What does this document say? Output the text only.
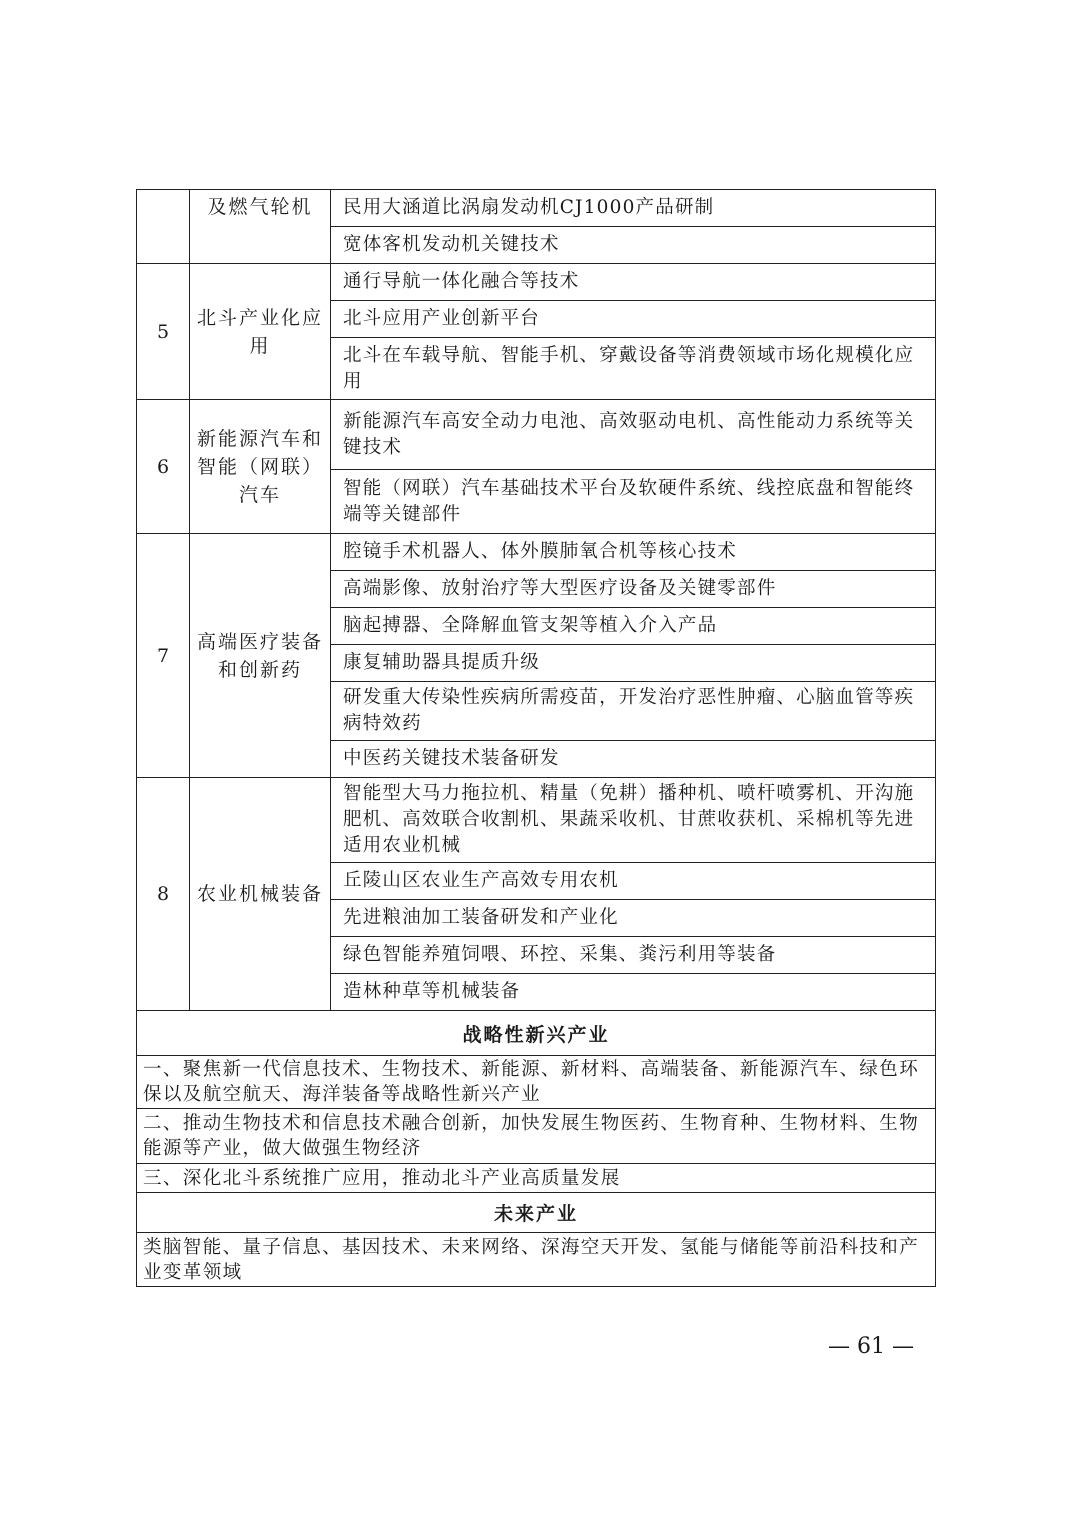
	及燃气轮机	民用大涵道比涡扇发动机CJ1000产品研制
		宽体客机发动机关键技术
5	北斗产业化应用	通行导航一体化融合等技术
		北斗应用产业创新平台
		北斗在车载导航、智能手机、穿戴设备等消费领域市场化规模化应用
6	新能源汽车和智能（网联）汽车	新能源汽车高安全动力电池、高效驱动电机、高性能动力系统等关键技术
		智能（网联）汽车基础技术平台及软硬件系统、线控底盘和智能终端等关键部件
7	高端医疗装备和创新药	腔镜手术机器人、体外膜肺氧合机等核心技术
		高端影像、放射治疗等大型医疗设备及关键零部件
		脑起搏器、全降解血管支架等植入介入产品
		康复辅助器具提质升级
		研发重大传染性疾病所需疫苗，开发治疗恶性肿瘤、心脑血管等疾病特效药
		中医药关键技术装备研发
8	农业机械装备	智能型大马力拖拉机、精量（免耕）播种机、喷杆喷雾机、开沟施肥机、高效联合收割机、果蔬采收机、甘蔗收获机、采棉机等先进适用农业机械
		丘陵山区农业生产高效专用农机
		先进粮油加工装备研发和产业化
		绿色智能养殖饲喂、环控、采集、粪污利用等装备
		造林种草等机械装备
战略性新兴产业		
一、聚焦新一代信息技术、生物技术、新能源、新材料、高端装备、新能源汽车、绿色环保以及航空航天、海洋装备等战略性新兴产业		
二、推动生物技术和信息技术融合创新，加快发展生物医药、生物育种、生物材料、生物能源等产业，做大做强生物经济		
三、深化北斗系统推广应用，推动北斗产业高质量发展		
未来产业		
类脑智能、量子信息、基因技术、未来网络、深海空天开发、氢能与储能等前沿科技和产业变革领域		
— 61 —
